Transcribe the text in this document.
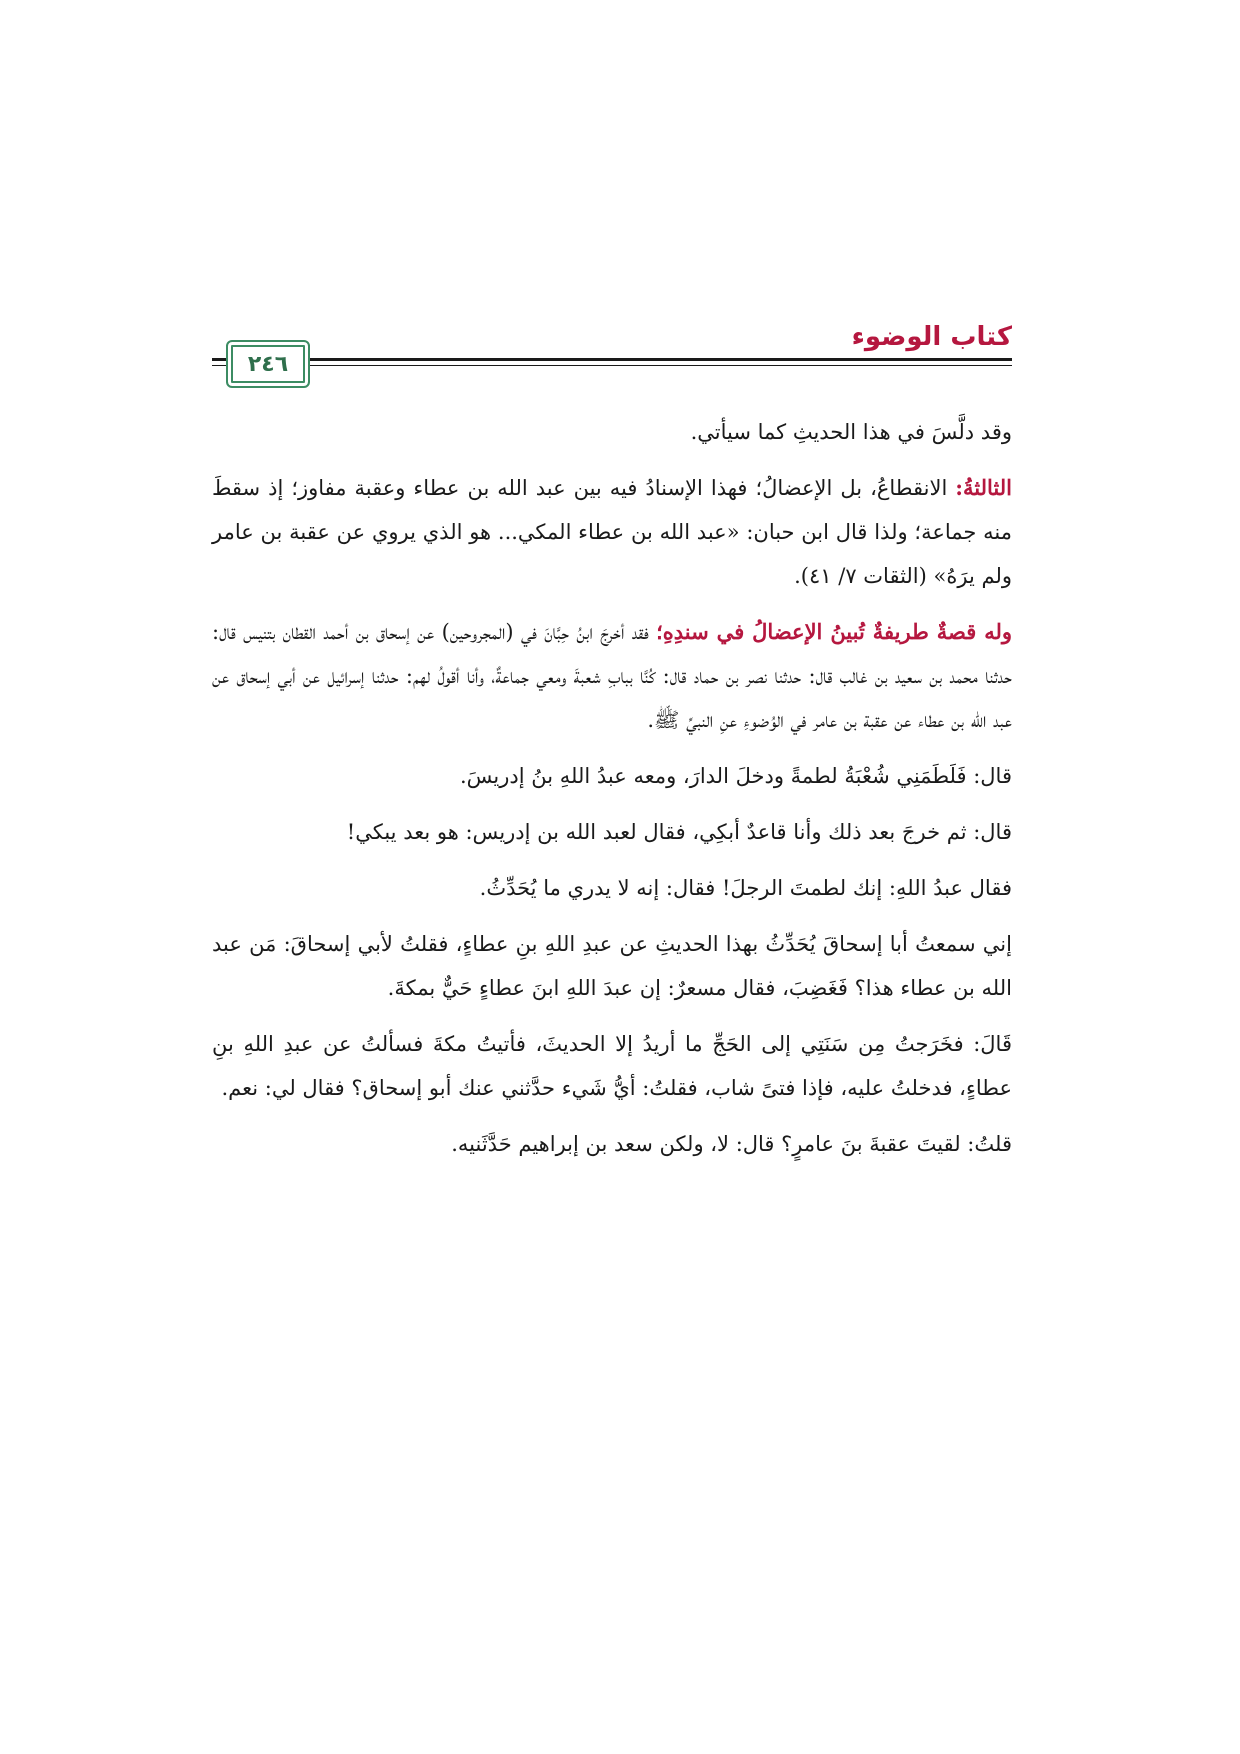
كتاب الوضوء
٢٤٦

وقد دلَّسَ في هذا الحديثِ كما سيأتي.

الثالثةُ: الانقطاعُ، بل الإعضالُ؛ فهذا الإسنادُ فيه بين عبد الله بن عطاء وعقبة مفاوز؛ إذ سقطَ منه جماعة؛ ولذا قال ابن حبان: «عبد الله بن عطاء المكي... هو الذي يروي عن عقبة بن عامر ولم يرَهُ» (الثقات ٧/ ٤١).

وله قصةٌ طريفةٌ تُبينُ الإعضالُ في سندِهِ؛ فقد أخرجَ ابنُ حِبَّانَ في (المجروحين) عن إسحاق بن أحمد القطان بتنيس قال: حدثنا محمد بن سعيد بن غالب قال: حدثنا نصر بن حماد قال: كُنَّا ببابِ شعبةَ ومعي جماعةٌ، وأنا أقولُ لهم: حدثنا إسرائيل عن أبي إسحاق عن عبد الله بن عطاء عن عقبة بن عامر في الوُضوءِ عنِ النبيِّ ﷺ.

قال: فَلَطَمَنِي شُعْبَةُ لطمةً ودخلَ الدارَ، ومعه عبدُ اللهِ بنُ إدريسَ.

قال: ثم خرجَ بعد ذلك وأنا قاعدٌ أبكِي، فقال لعبد الله بن إدريس: هو بعد يبكي!

فقال عبدُ اللهِ: إنك لطمتَ الرجلَ! فقال: إنه لا يدري ما يُحَدِّثُ.

إني سمعتُ أبا إسحاقَ يُحَدِّثُ بهذا الحديثِ عن عبدِ اللهِ بنِ عطاءٍ، فقلتُ لأبي إسحاقَ: مَن عبد الله بن عطاء هذا؟ فَغَضِبَ، فقال مسعرٌ: إن عبدَ اللهِ ابنَ عطاءٍ حَيٌّ بمكةَ.

قَالَ: فخَرَجتُ مِن سَنَتِي إلى الحَجِّ ما أريدُ إلا الحديثَ، فأتيتُ مكةَ فسألتُ عن عبدِ اللهِ بنِ عطاءٍ، فدخلتُ عليه، فإذا فتىً شاب، فقلتُ: أيُّ شَيء حدَّثني عنك أبو إسحاق؟ فقال لي: نعم.

قلتُ: لقيتَ عقبةَ بنَ عامرٍ؟ قال: لا، ولكن سعد بن إبراهيم حَدَّثَنيه.
